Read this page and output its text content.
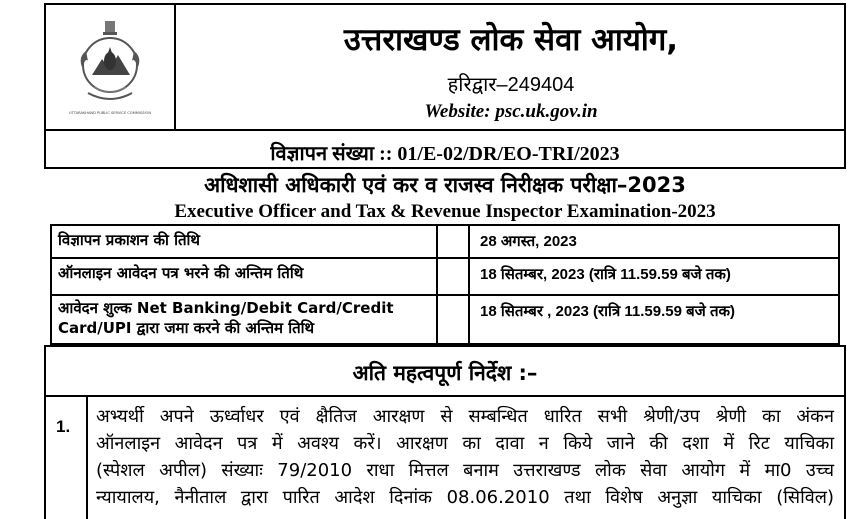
UTTARAKHAND PUBLIC SERVICE COMMISSION
उत्तराखण्ड लोक सेवा आयोग,
हरिद्वार–249404
Website: psc.uk.gov.in
विज्ञापन संख्या :: 01/E-02/DR/EO-TRI/2023
अधिशासी अधिकारी एवं कर व राजस्व निरीक्षक परीक्षा–2023
Executive Officer and Tax & Revenue Inspector Examination-2023
विज्ञापन प्रकाशन की तिथि	28 अगस्त, 2023
ऑनलाइन आवेदन पत्र भरने की अन्तिम तिथि	18 सितम्बर, 2023 (रात्रि 11.59.59 बजे तक)
आवेदन शुल्क Net Banking/Debit Card/Credit
Card/UPI द्वारा जमा करने की अन्तिम तिथि
18 सितम्बर , 2023 (रात्रि 11.59.59 बजे तक)
अति महत्वपूर्ण निर्देश :–
1. अभ्यर्थी अपने ऊर्ध्वाधर एवं क्षैतिज आरक्षण से सम्बन्धित धारित सभी श्रेणी/उप श्रेणी का अंकन
ऑनलाइन आवेदन पत्र में अवश्य करें। आरक्षण का दावा न किये जाने की दशा में रिट याचिका
(स्पेशल अपील) संख्याः 79/2010 राधा मित्तल बनाम उत्तराखण्ड लोक सेवा आयोग में मा0 उच्च
न्यायालय, नैनीताल द्वारा पारित आदेश दिनांक 08.06.2010 तथा विशेष अनुज्ञा याचिका (सिविल)
